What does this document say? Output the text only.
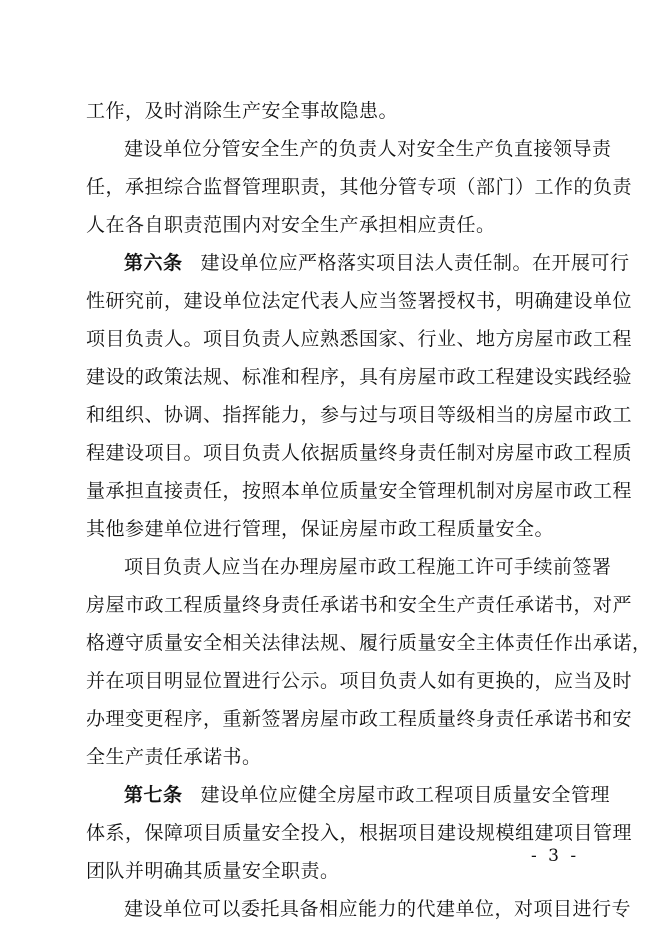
工作，及时消除生产安全事故隐患。
建设单位分管安全生产的负责人对安全生产负直接领导责
任，承担综合监督管理职责，其他分管专项（部门）工作的负责
人在各自职责范围内对安全生产承担相应责任。
第六条 建设单位应严格落实项目法人责任制。在开展可行
性研究前，建设单位法定代表人应当签署授权书，明确建设单位
项目负责人。项目负责人应熟悉国家、行业、地方房屋市政工程
建设的政策法规、标准和程序，具有房屋市政工程建设实践经验
和组织、协调、指挥能力，参与过与项目等级相当的房屋市政工
程建设项目。项目负责人依据质量终身责任制对房屋市政工程质
量承担直接责任，按照本单位质量安全管理机制对房屋市政工程
其他参建单位进行管理，保证房屋市政工程质量安全。
项目负责人应当在办理房屋市政工程施工许可手续前签署
房屋市政工程质量终身责任承诺书和安全生产责任承诺书，对严
格遵守质量安全相关法律法规、履行质量安全主体责任作出承诺，
并在项目明显位置进行公示。项目负责人如有更换的，应当及时
办理变更程序，重新签署房屋市政工程质量终身责任承诺书和安
全生产责任承诺书。
第七条 建设单位应健全房屋市政工程项目质量安全管理
体系，保障项目质量安全投入，根据项目建设规模组建项目管理
团队并明确其质量安全职责。
建设单位可以委托具备相应能力的代建单位，对项目进行专
- 3 -
